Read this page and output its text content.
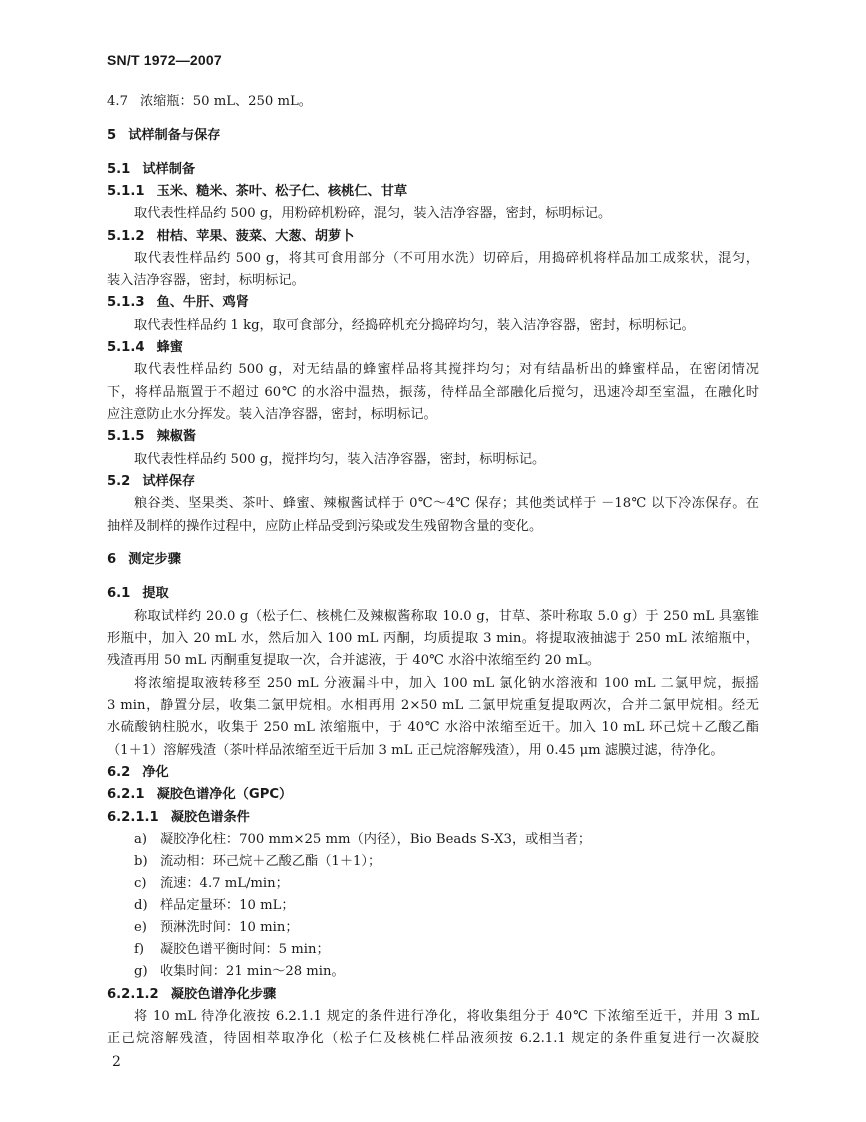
SN/T 1972—2007
4.7 浓缩瓶：50 mL、250 mL。
5 试样制备与保存
5.1 试样制备
5.1.1 玉米、糙米、茶叶、松子仁、核桃仁、甘草
取代表性样品约 500 g，用粉碎机粉碎，混匀，装入洁净容器，密封，标明标记。
5.1.2 柑桔、苹果、菠菜、大葱、胡萝卜
取代表性样品约 500 g，将其可食用部分（不可用水洗）切碎后，用捣碎机将样品加工成浆状，混匀，
装入洁净容器，密封，标明标记。
5.1.3 鱼、牛肝、鸡肾
取代表性样品约 1 kg，取可食部分，经捣碎机充分捣碎均匀，装入洁净容器，密封，标明标记。
5.1.4 蜂蜜
取代表性样品约 500 g，对无结晶的蜂蜜样品将其搅拌均匀；对有结晶析出的蜂蜜样品，在密闭情况
下，将样品瓶置于不超过 60℃ 的水浴中温热，振荡，待样品全部融化后搅匀，迅速冷却至室温，在融化时
应注意防止水分挥发。装入洁净容器，密封，标明标记。
5.1.5 辣椒酱
取代表性样品约 500 g，搅拌均匀，装入洁净容器，密封，标明标记。
5.2 试样保存
粮谷类、坚果类、茶叶、蜂蜜、辣椒酱试样于 0℃～4℃ 保存；其他类试样于 －18℃ 以下冷冻保存。在
抽样及制样的操作过程中，应防止样品受到污染或发生残留物含量的变化。
6 测定步骤
6.1 提取
称取试样约 20.0 g（松子仁、核桃仁及辣椒酱称取 10.0 g，甘草、茶叶称取 5.0 g）于 250 mL 具塞锥
形瓶中，加入 20 mL 水，然后加入 100 mL 丙酮，均质提取 3 min。将提取液抽滤于 250 mL 浓缩瓶中，
残渣再用 50 mL 丙酮重复提取一次，合并滤液，于 40℃ 水浴中浓缩至约 20 mL。
将浓缩提取液转移至 250 mL 分液漏斗中，加入 100 mL 氯化钠水溶液和 100 mL 二氯甲烷，振摇
3 min，静置分层，收集二氯甲烷相。水相再用 2×50 mL 二氯甲烷重复提取两次，合并二氯甲烷相。经无
水硫酸钠柱脱水，收集于 250 mL 浓缩瓶中，于 40℃ 水浴中浓缩至近干。加入 10 mL 环己烷＋乙酸乙酯
（1＋1）溶解残渣（茶叶样品浓缩至近干后加 3 mL 正己烷溶解残渣），用 0.45 μm 滤膜过滤，待净化。
6.2 净化
6.2.1 凝胶色谱净化（GPC）
6.2.1.1 凝胶色谱条件
a) 凝胶净化柱：700 mm×25 mm（内径），Bio Beads S-X3，或相当者；
b) 流动相：环己烷＋乙酸乙酯（1＋1）；
c) 流速：4.7 mL/min；
d) 样品定量环：10 mL；
e) 预淋洗时间：10 min；
f) 凝胶色谱平衡时间：5 min；
g) 收集时间：21 min～28 min。
6.2.1.2 凝胶色谱净化步骤
将 10 mL 待净化液按 6.2.1.1 规定的条件进行净化，将收集组分于 40℃ 下浓缩至近干，并用 3 mL
正己烷溶解残渣，待固相萃取净化（松子仁及核桃仁样品液须按 6.2.1.1 规定的条件重复进行一次凝胶
2
